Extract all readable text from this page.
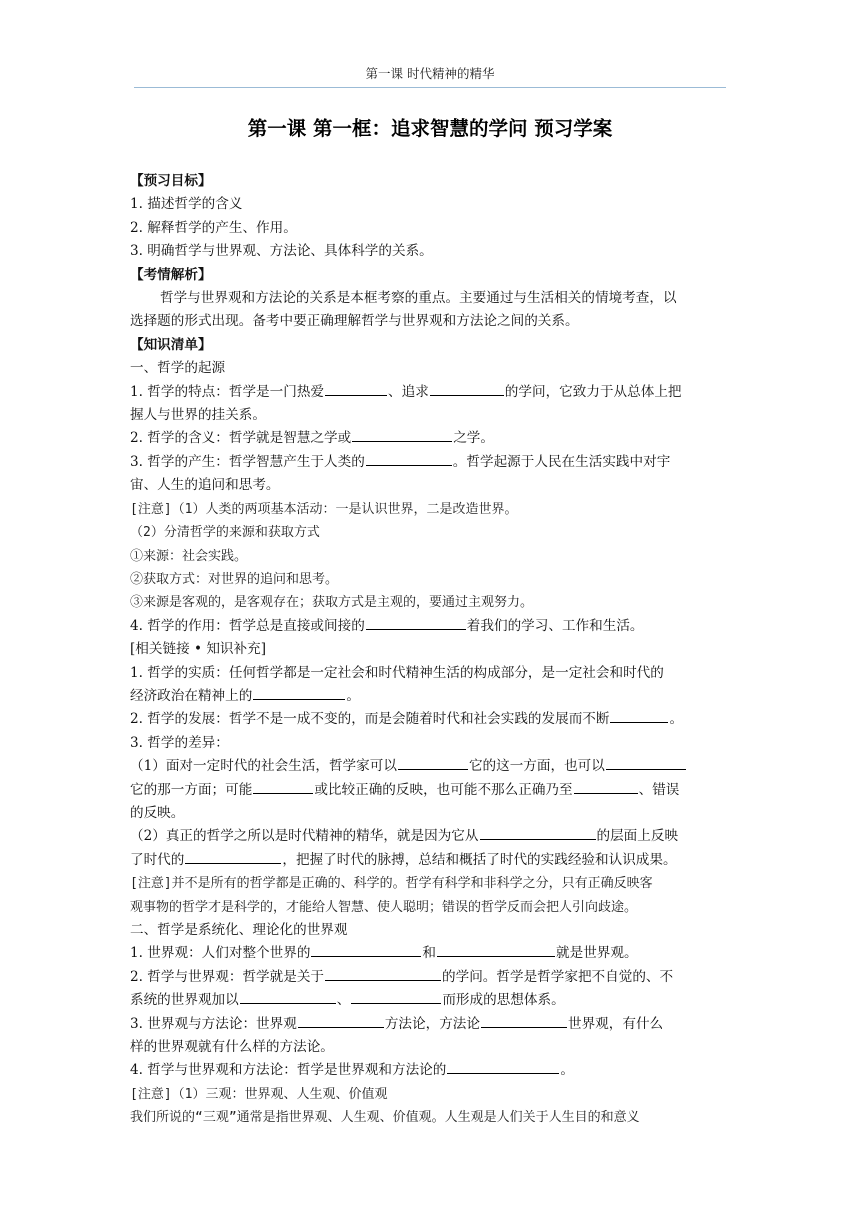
第一课 时代精神的精华
第一课 第一框：追求智慧的学问 预习学案
【预习目标】
1. 描述哲学的含义
2. 解释哲学的产生、作用。
3. 明确哲学与世界观、方法论、具体科学的关系。
【考情解析】
哲学与世界观和方法论的关系是本框考察的重点。主要通过与生活相关的情境考查，以
选择题的形式出现。备考中要正确理解哲学与世界观和方法论之间的关系。
【知识清单】
一、哲学的起源
1. 哲学的特点：哲学是一门热爱	、追求	的学问，它致力于从总体上把
握人与世界的挂关系。
2. 哲学的含义：哲学就是智慧之学或	之学。
3. 哲学的产生：哲学智慧产生于人类的	。哲学起源于人民在生活实践中对宇
宙、人生的追问和思考。
[注意]（1）人类的两项基本活动：一是认识世界，二是改造世界。
（2）分清哲学的来源和获取方式
①来源：社会实践。
②获取方式：对世界的追问和思考。
③来源是客观的，是客观存在；获取方式是主观的，要通过主观努力。
4. 哲学的作用：哲学总是直接或间接的	着我们的学习、工作和生活。
[相关链接 • 知识补充]
1. 哲学的实质：任何哲学都是一定社会和时代精神生活的构成部分，是一定社会和时代的
经济政治在精神上的	。
2. 哲学的发展：哲学不是一成不变的，而是会随着时代和社会实践的发展而不断	。
3. 哲学的差异：
（1）面对一定时代的社会生活，哲学家可以	它的这一方面，也可以
它的那一方面；可能	或比较正确的反映，也可能不那么正确乃至	、错误
的反映。
（2）真正的哲学之所以是时代精神的精华，就是因为它从	的层面上反映
了时代的	，把握了时代的脉搏，总结和概括了时代的实践经验和认识成果。
[注意]并不是所有的哲学都是正确的、科学的。哲学有科学和非科学之分，只有正确反映客
观事物的哲学才是科学的，才能给人智慧、使人聪明；错误的哲学反而会把人引向歧途。
二、哲学是系统化、理论化的世界观
1. 世界观：人们对整个世界的	和	就是世界观。
2. 哲学与世界观：哲学就是关于	的学问。哲学是哲学家把不自觉的、不
系统的世界观加以	、	而形成的思想体系。
3. 世界观与方法论：世界观	方法论，方法论	世界观，有什么
样的世界观就有什么样的方法论。
4. 哲学与世界观和方法论：哲学是世界观和方法论的	。
[注意]（1）三观：世界观、人生观、价值观
我们所说的“三观”通常是指世界观、人生观、价值观。人生观是人们关于人生目的和意义
